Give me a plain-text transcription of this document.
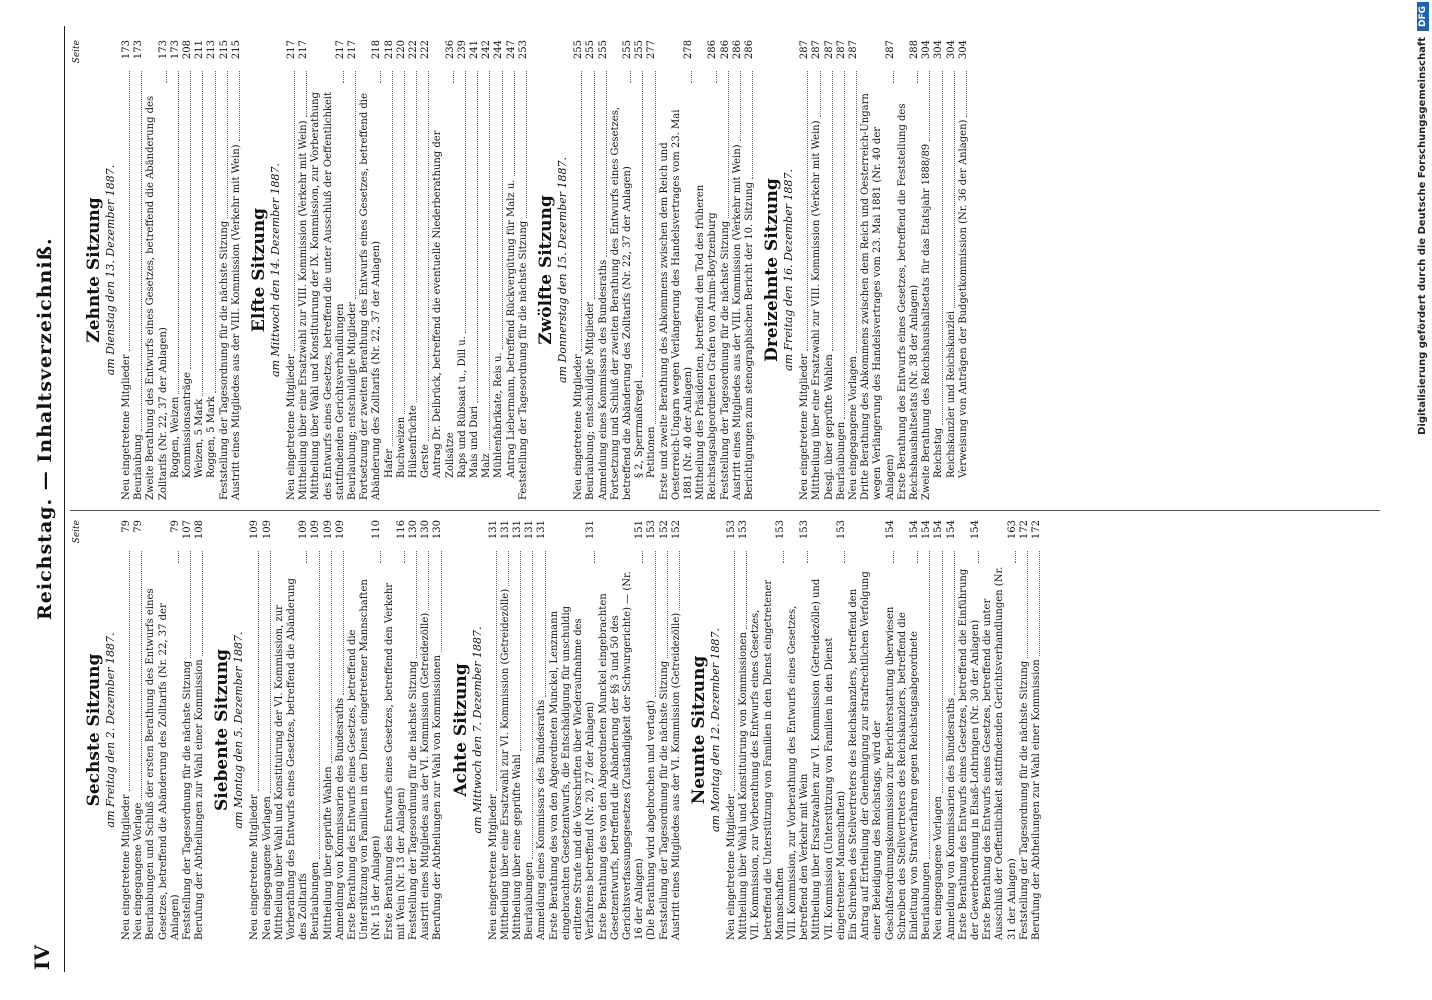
IV
Reichstag. — Inhaltsverzeichniß. Seite
Sechste Sitzung am Freitag den 2. Dezember 1887.
Neu eingetretene Mitglieder
79
Neu eingegangene Vorlage
79
Beurlaubungen und Schluß der ersten Berathung des Entwurfs eines Gesetzes, betreffend die Abänderung des Zolltarifs (Nr. 22, 37 der Anlagen)
79
Feststellung der Tagesordnung für die nächste Sitzung
107
Berufung der Abtheilungen zur Wahl einer Kommission
108
Siebente Sitzung am Montag den 5. Dezember 1887.
Neu eingetretene Mitglieder
109
Neu eingegangene Vorlagen
109
Mittheilung über Wahl und Konstituirung der VI. Kommission, zur Vorberathung des Entwurfs eines Gesetzes, betreffend die Abänderung des Zolltarifs
109
Beurlaubungen
109
Mittheilung über geprüfte Wahlen
109
Anmeldung von Kommissarien des Bundesraths
109
Erste Berathung des Entwurfs eines Gesetzes, betreffend die Unterstützung von Familien in den Dienst eingetretener Mannschaften (Nr. 15 der Anlagen)
110
Erste Berathung des Entwurfs eines Gesetzes, betreffend den Verkehr mit Wein (Nr. 13 der Anlagen)
116
Feststellung der Tagesordnung für die nächste Sitzung
130
Austritt eines Mitgliedes aus der VI. Kommission (Getreidezölle)
130
Berufung der Abtheilungen zur Wahl von Kommissionen
130
Achte Sitzung am Mittwoch den 7. Dezember 1887.
Neu eingetretene Mitglieder
131
Mittheilung über eine Ersatzwahl zur VI. Kommission (Getreidezölle)
131
Mittheilung über eine geprüfte Wahl
131
Beurlaubungen
131
Anmeldung eines Kommissars des Bundesraths
131
Erste Berathung des von den Abgeordneten Munckel, Lenzmann eingebrachten Gesetzentwurfs, die Entschädigung für unschuldig erlittene Strafe und die Vorschriften über Wiederaufnahme des Verfahrens betreffend (Nr. 20, 27 der Anlagen)
131
Erste Berathung des von den Abgeordneten Munckel eingebrachten Gesetzentwurfs, betreffend die Abänderung der §§ 3 und 50 des Gerichtsverfassungsgesetzes (Zuständigkeit der Schwurgerichte) — (Nr. 16 der Anlagen)
151
(Die Berathung wird abgebrochen und vertagt)
153
Feststellung der Tagesordnung für die nächste Sitzung
152
Austritt eines Mitgliedes aus der VI. Kommission (Getreidezölle)
152
Neunte Sitzung am Montag den 12. Dezember 1887.
Neu eingetretene Mitglieder
153
Mittheilung über Wahl und Konstituirung von Kommissionen
153
VII. Kommission, zur Vorberathung des Entwurfs eines Gesetzes, betreffend die Unterstützung von Familien in den Dienst eingetretener Mannschaften
153
VIII. Kommission, zur Vorberathung des Entwurfs eines Gesetzes, betreffend den Verkehr mit Wein
153
Mittheilung über Ersatzwahlen zur VI. Kommission (Getreidezölle) und VII. Kommission (Unterstützung von Familien in den Dienst eingetretener Mannschaften)
153
Ein Schreiben des Stellvertreters des Reichskanzlers, betreffend den Antrag auf Ertheilung der Genehmigung zur strafrechtlichen Verfolgung einer Beleidigung des Reichstags, wird der Geschäftsordnungskommission zur Berichterstattung überwiesen
154
Schreiben des Stellvertreters des Reichskanzlers, betreffend die Einleitung von Strafverfahren gegen Reichstagsabgeordnete
154
Beurlaubungen
154
Neu eingegangene Vorlagen
154
Anmeldung von Kommissarien des Bundesraths
154
Erste Berathung des Entwurfs eines Gesetzes, betreffend die Einführung der Gewerbeordnung in Elsaß-Lothringen (Nr. 30 der Anlagen)
154
Erste Berathung des Entwurfs eines Gesetzes, betreffend die unter Ausschluß der Oeffentlichkeit stattfindenden Gerichtsverhandlungen (Nr. 31 der Anlagen)
163
Feststellung der Tagesordnung für die nächste Sitzung
172
Berufung der Abtheilungen zur Wahl einer Kommission
172
Seite
Zehnte Sitzung am Dienstag den 13. Dezember 1887.
Neu eingetretene Mitglieder
173
Beurlaubung
173
Zweite Berathung des Entwurfs eines Gesetzes, betreffend die Abänderung des Zolltarifs (Nr. 22, 37 der Anlagen)
173
Roggen, Weizen
173
Kommissionsanträge
208
Weizen, 5 Mark
211
Roggen, 5 Mark
213
Feststellung der Tagesordnung für die nächste Sitzung
215
Austritt eines Mitgliedes aus der VIII. Kommission (Verkehr mit Wein)
215
Elfte Sitzung am Mittwoch den 14. Dezember 1887.
Neu eingetretene Mitglieder
217
Mittheilung über eine Ersatzwahl zur VIII. Kommission (Verkehr mit Wein)
217
Mittheilung über Wahl und Konstituirung der IX. Kommission, zur Vorberathung des Entwurfs eines Gesetzes, betreffend die unter Ausschluß der Oeffentlichkeit stattfindenden Gerichtsverhandlungen
217
Beurlaubung; entschuldigte Mitglieder
217
Fortsetzung der zweiten Berathung des Entwurfs eines Gesetzes, betreffend die Abänderung des Zolltarifs (Nr. 22, 37 der Anlagen)
218
Hafer
218
Buchweizen
220
Hülsenfrüchte
222
Gerste
222
Antrag Dr. Delbrück, betreffend die eventuelle Niederberathung der Zollsätze
236
Raps und Rübsaat u., Dill u.
239
Mais und Dari
241
Malz
242
Mühlenfabrikate, Reis u.
244
Antrag Liebermann, betreffend Rückvergütung für Malz u.
247
Feststellung der Tagesordnung für die nächste Sitzung
253
Zwölfte Sitzung am Donnerstag den 15. Dezember 1887.
Neu eingetretene Mitglieder
255
Beurlaubung; entschuldigte Mitglieder
255
Anmeldung eines Kommissars des Bundesraths
255
Fortsetzung und Schluß der zweiten Berathung des Entwurfs eines Gesetzes, betreffend die Abänderung des Zolltarifs (Nr. 22, 37 der Anlagen)
255
§ 2, Sperrmaßregel
255
Petitionen
277
Erste und zweite Berathung des Abkommens zwischen dem Reich und Oesterreich-Ungarn wegen Verlängerung des Handelsvertrages vom 23. Mai 1881 (Nr. 40 der Anlagen)
278
Mittheilung des Präsidenten, betreffend den Tod des früheren Reichstagsabgeordneten Grafen von Arnim-Boytzenburg
286
Feststellung der Tagesordnung für die nächste Sitzung
286
Austritt eines Mitgliedes aus der VIII. Kommission (Verkehr mit Wein)
286
Berichtigungen zum stenographischen Bericht der 10. Sitzung
286
Dreizehnte Sitzung am Freitag den 16. Dezember 1887.
Neu eingetretene Mitglieder
287
Mittheilung über eine Ersatzwahl zur VIII. Kommission (Verkehr mit Wein)
287
Desgl. über geprüfte Wahlen
287
Beurlaubungen
287
Neu eingegangene Vorlagen
287
Dritte Berathung des Abkommens zwischen dem Reich und Oesterreich-Ungarn wegen Verlängerung des Handelsvertrages vom 23. Mai 1881 (Nr. 40 der Anlagen)
287
Erste Berathung des Entwurfs eines Gesetzes, betreffend die Feststellung des Reichshaushaltsetats (Nr. 38 der Anlagen)
288
Zweite Berathung des Reichshaushaltsetats für das Etatsjahr 1888/89
304
Reichstag
304
Reichskanzler und Reichskanzlei
304
Verweisung von Anträgen der Budgetkommission (Nr. 36 der Anlagen)
304	Digitalisierung gefördert durch die Deutsche Forschungsgemeinschaft
DFG
